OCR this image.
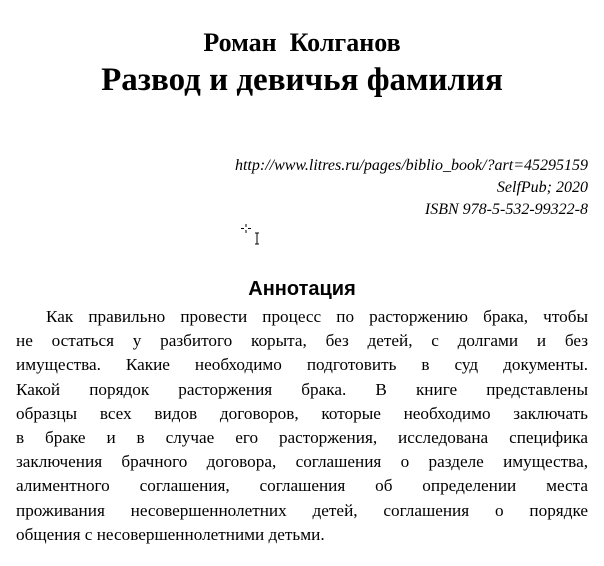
Роман  Колганов
Развод и девичья фамилия
http://www.litres.ru/pages/biblio_book/?art=45295159
SelfPub; 2020
ISBN 978-5-532-99322-8
Аннотация
Как правильно провести процесс по расторжению брака, чтобы
не остаться у разбитого корыта, без детей, с долгами и без
имущества. Какие необходимо подготовить в суд документы.
Какой порядок расторжения брака. В книге представлены
образцы всех видов договоров, которые необходимо заключать
в браке и в случае его расторжения, исследована специфика
заключения брачного договора, соглашения о разделе имущества,
алиментного соглашения, соглашения об определении места
проживания несовершеннолетних детей, соглашения о порядке
общения с несовершеннолетними детьми.
